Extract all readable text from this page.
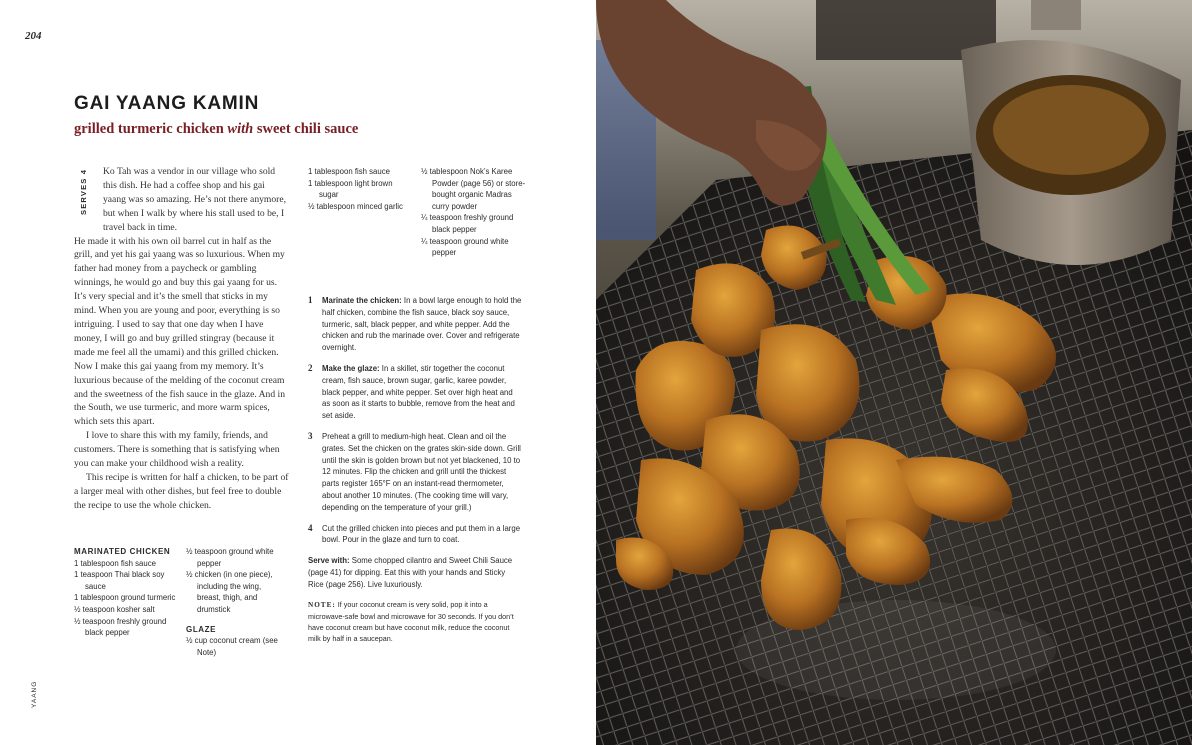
204
YAANG
GAI YAANG KAMIN
grilled turmeric chicken with sweet chili sauce
SERVES 4	Ko Tah was a vendor in our village who sold this dish. He had a coffee shop and his gai yaang was so amazing. He’s not there anymore, but when I walk by where his stall used to be, I travel back in time.

He made it with his own oil barrel cut in half as the grill, and yet his gai yaang was so luxurious. When my father had money from a paycheck or gambling winnings, he would go and buy this gai yaang for us. It’s very special and it’s the smell that sticks in my mind. When you are young and poor, everything is so intriguing. I used to say that one day when I have money, I will go and buy grilled stingray (because it made me feel all the umami) and this grilled chicken. Now I make this gai yaang from my memory. It’s luxurious because of the melding of the coconut cream and the sweetness of the fish sauce in the glaze. And in the South, we use turmeric, and more warm spices, which sets this apart.

I love to share this with my family, friends, and customers. There is something that is satisfying when you can make your childhood wish a reality.

This recipe is written for half a chicken, to be part of a larger meal with other dishes, but feel free to double the recipe to use the whole chicken.

1 tablespoon fish sauce
1 tablespoon light brown sugar
½ tablespoon minced garlic
½ tablespoon Nok’s Karee Powder (page 56) or store-bought organic Madras curry powder
¼ teaspoon freshly ground black pepper
¼ teaspoon ground white pepper
MARINATED CHICKEN
1 tablespoon fish sauce
1 teaspoon Thai black soy sauce
1 tablespoon ground turmeric
½ teaspoon kosher salt
½ teaspoon freshly ground black pepper
½ teaspoon ground white pepper
½ chicken (in one piece), including the wing, breast, thigh, and drumstick
GLAZE
½ cup coconut cream (see Note)
1 Marinate the chicken: In a bowl large enough to hold the half chicken, combine the fish sauce, black soy sauce, turmeric, salt, black pepper, and white pepper. Add the chicken and rub the marinade over. Cover and refrigerate overnight.
2 Make the glaze: In a skillet, stir together the coconut cream, fish sauce, brown sugar, garlic, karee powder, black pepper, and white pepper. Set over high heat and as soon as it starts to bubble, remove from the heat and set aside.
3 Preheat a grill to medium-high heat. Clean and oil the grates. Set the chicken on the grates skin-side down. Grill until the skin is golden brown but not yet blackened, 10 to 12 minutes. Flip the chicken and grill until the thickest parts register 165°F on an instant-read thermometer, about another 10 minutes. (The cooking time will vary, depending on the temperature of your grill.)
4 Cut the grilled chicken into pieces and put them in a large bowl. Pour in the glaze and turn to coat.
Serve with: Some chopped cilantro and Sweet Chili Sauce (page 41) for dipping. Eat this with your hands and Sticky Rice (page 256). Live luxuriously.
NOTE: If your coconut cream is very solid, pop it into a microwave-safe bowl and microwave for 30 seconds. If you don’t have coconut cream but have coconut milk, reduce the coconut milk by half in a saucepan.
